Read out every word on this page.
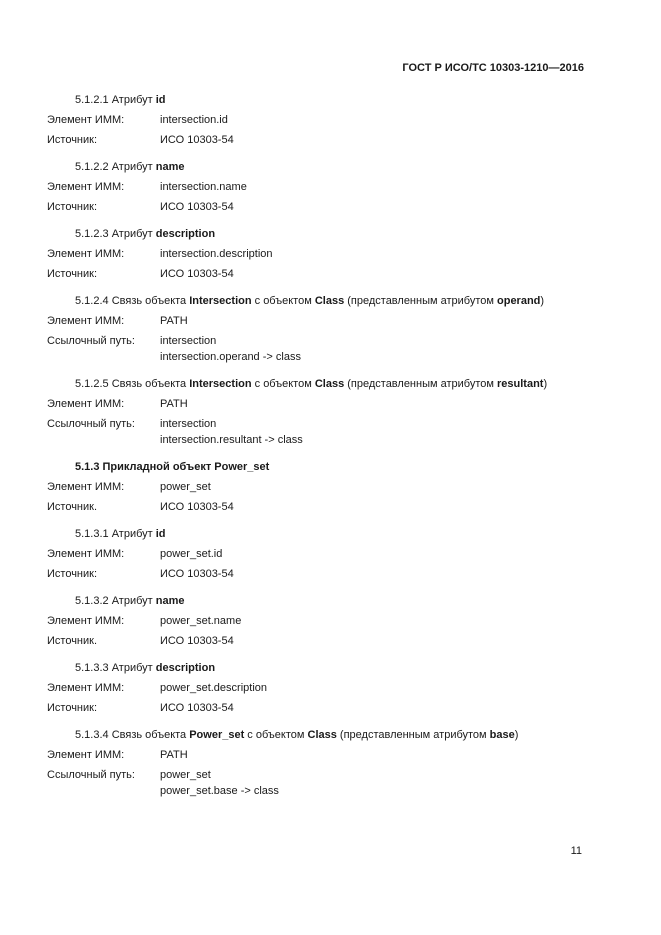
ГОСТ Р ИСО/ТС 10303-1210—2016
5.1.2.1 Атрибут id
Элемент ИММ:	intersection.id
Источник:	ИСО 10303-54
5.1.2.2 Атрибут name
Элемент ИММ:	intersection.name
Источник:	ИСО 10303-54
5.1.2.3 Атрибут description
Элемент ИММ:	intersection.description
Источник:	ИСО 10303-54
5.1.2.4 Связь объекта Intersection с объектом Class (представленным атрибутом operand)
Элемент ИММ:	PATH
Ссылочный путь:	intersection
intersection.operand -> class
5.1.2.5 Связь объекта Intersection с объектом Class (представленным атрибутом resultant)
Элемент ИММ:	PATH
Ссылочный путь:	intersection
intersection.resultant -> class
5.1.3 Прикладной объект Power_set
Элемент ИММ:	power_set
Источник.	ИСО 10303-54
5.1.3.1 Атрибут id
Элемент ИММ:	power_set.id
Источник:	ИСО 10303-54
5.1.3.2 Атрибут name
Элемент ИММ:	power_set.name
Источник.	ИСО 10303-54
5.1.3.3 Атрибут description
Элемент ИММ:	power_set.description
Источник:	ИСО 10303-54
5.1.3.4 Связь объекта Power_set с объектом Class (представленным атрибутом base)
Элемент ИММ:	PATH
Ссылочный путь:	power_set
power_set.base -> class
11
